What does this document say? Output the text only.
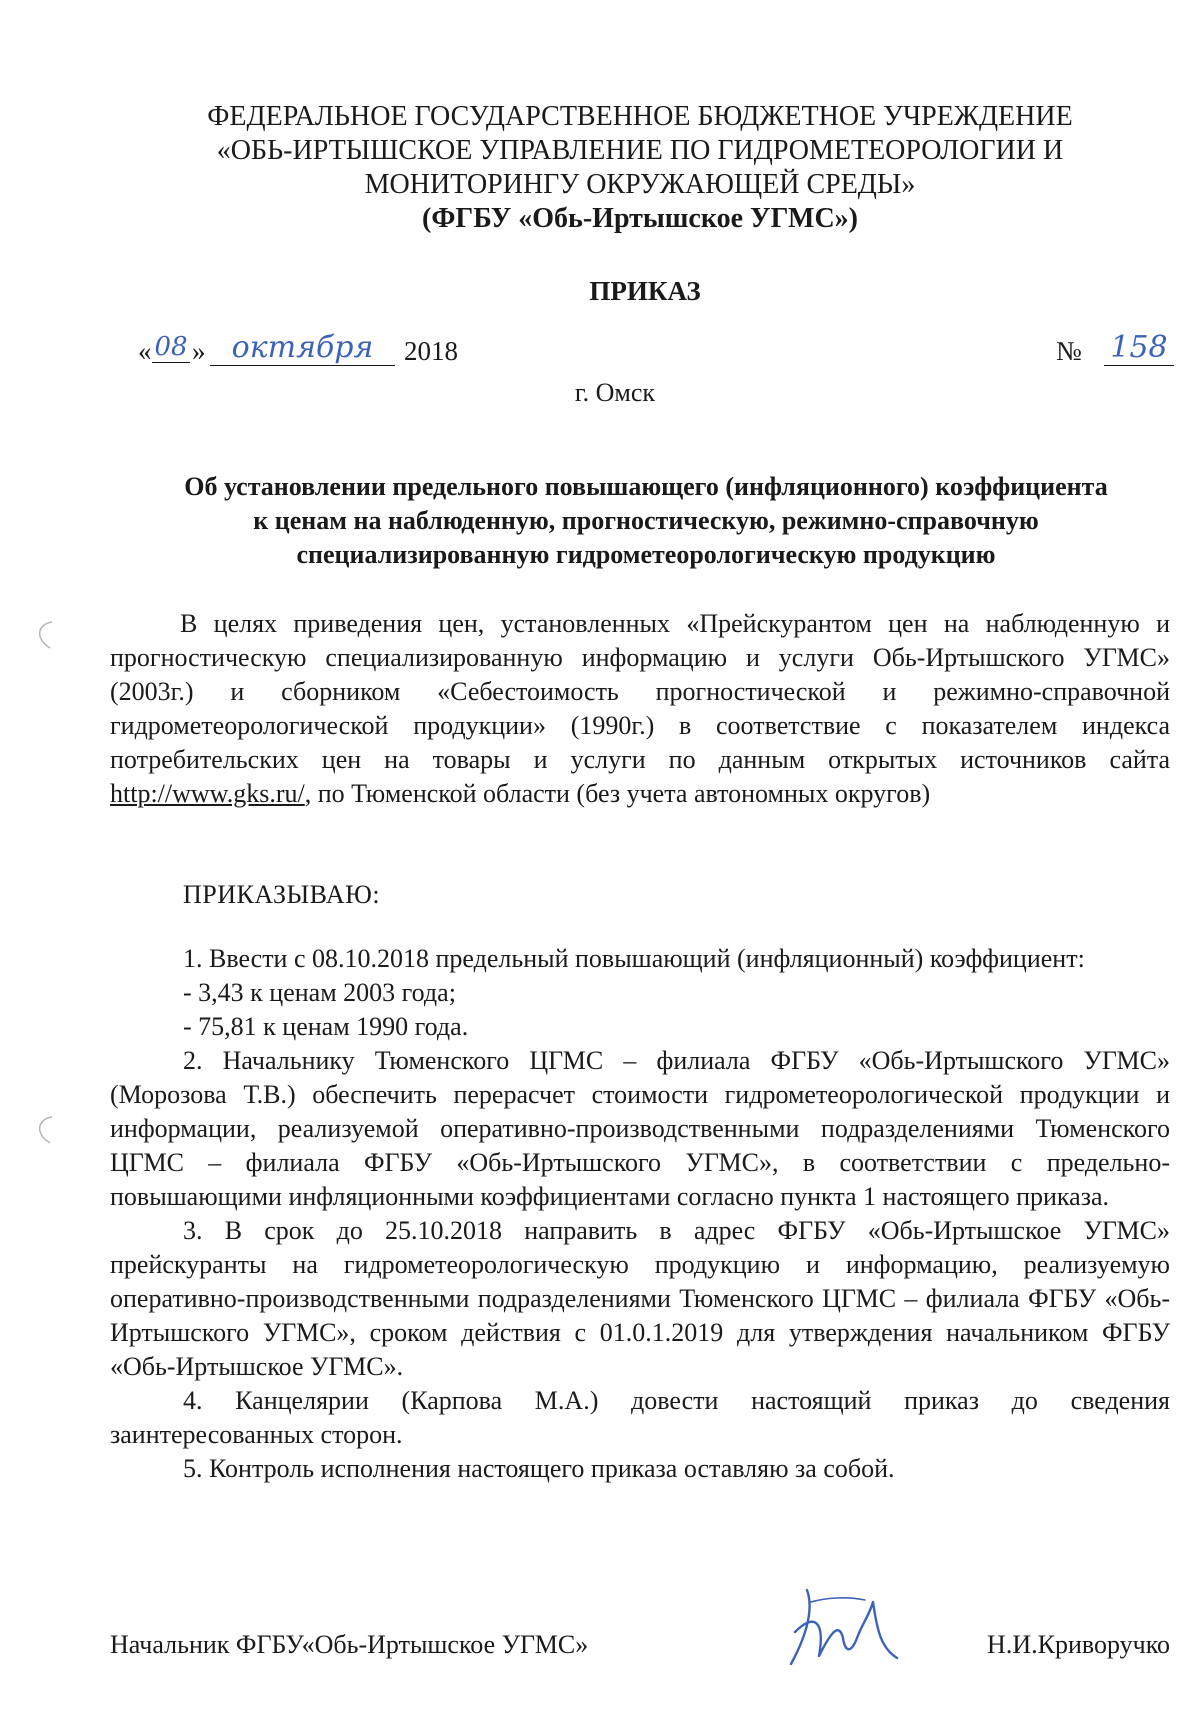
ФЕДЕРАЛЬНОЕ ГОСУДАРСТВЕННОЕ БЮДЖЕТНОЕ УЧРЕЖДЕНИЕ
«ОБЬ-ИРТЫШСКОЕ УПРАВЛЕНИЕ ПО ГИДРОМЕТЕОРОЛОГИИ И
МОНИТОРИНГУ ОКРУЖАЮЩЕЙ СРЕДЫ»
(ФГБУ «Обь-Иртышское УГМС»)
ПРИКАЗ
« 08 » октября	2018	№ 158
г. Омск
Об установлении предельного повышающего (инфляционного) коэффициента
к ценам на наблюденную, прогностическую, режимно-справочную
специализированную гидрометеорологическую продукцию
В целях приведения цен, установленных «Прейскурантом цен на наблюденную и прогностическую специализированную информацию и услуги Обь-Иртышского УГМС» (2003г.) и сборником «Себестоимость прогностической и режимно-справочной гидрометеорологической продукции» (1990г.) в соответствие с показателем индекса потребительских цен на товары и услуги по данным открытых источников сайта http://www.gks.ru/, по Тюменской области (без учета автономных округов)
ПРИКАЗЫВАЮ:

1. Ввести с 08.10.2018 предельный повышающий (инфляционный) коэффициент:

- 3,43 к ценам 2003 года;

- 75,81 к ценам 1990 года.

2. Начальнику Тюменского ЦГМС – филиала ФГБУ «Обь-Иртышского УГМС» (Морозова Т.В.) обеспечить перерасчет стоимости гидрометеорологической продукции и информации, реализуемой оперативно-производственными подразделениями Тюменского ЦГМС – филиала ФГБУ «Обь-Иртышского УГМС», в соответствии с предельно-повышающими инфляционными коэффициентами согласно пункта 1 настоящего приказа.

3. В срок до 25.10.2018 направить в адрес ФГБУ «Обь-Иртышское УГМС» прейскуранты на гидрометеорологическую продукцию и информацию, реализуемую оперативно-производственными подразделениями Тюменского ЦГМС – филиала ФГБУ «Обь-Иртышского УГМС», сроком действия с 01.0.1.2019 для утверждения начальником ФГБУ «Обь-Иртышское УГМС».

4. Канцелярии (Карпова М.А.) довести настоящий приказ до сведения заинтересованных сторон.

5. Контроль исполнения настоящего приказа оставляю за собой.

Начальник ФГБУ«Обь-Иртышское УГМС»	Н.И.Криворучко
